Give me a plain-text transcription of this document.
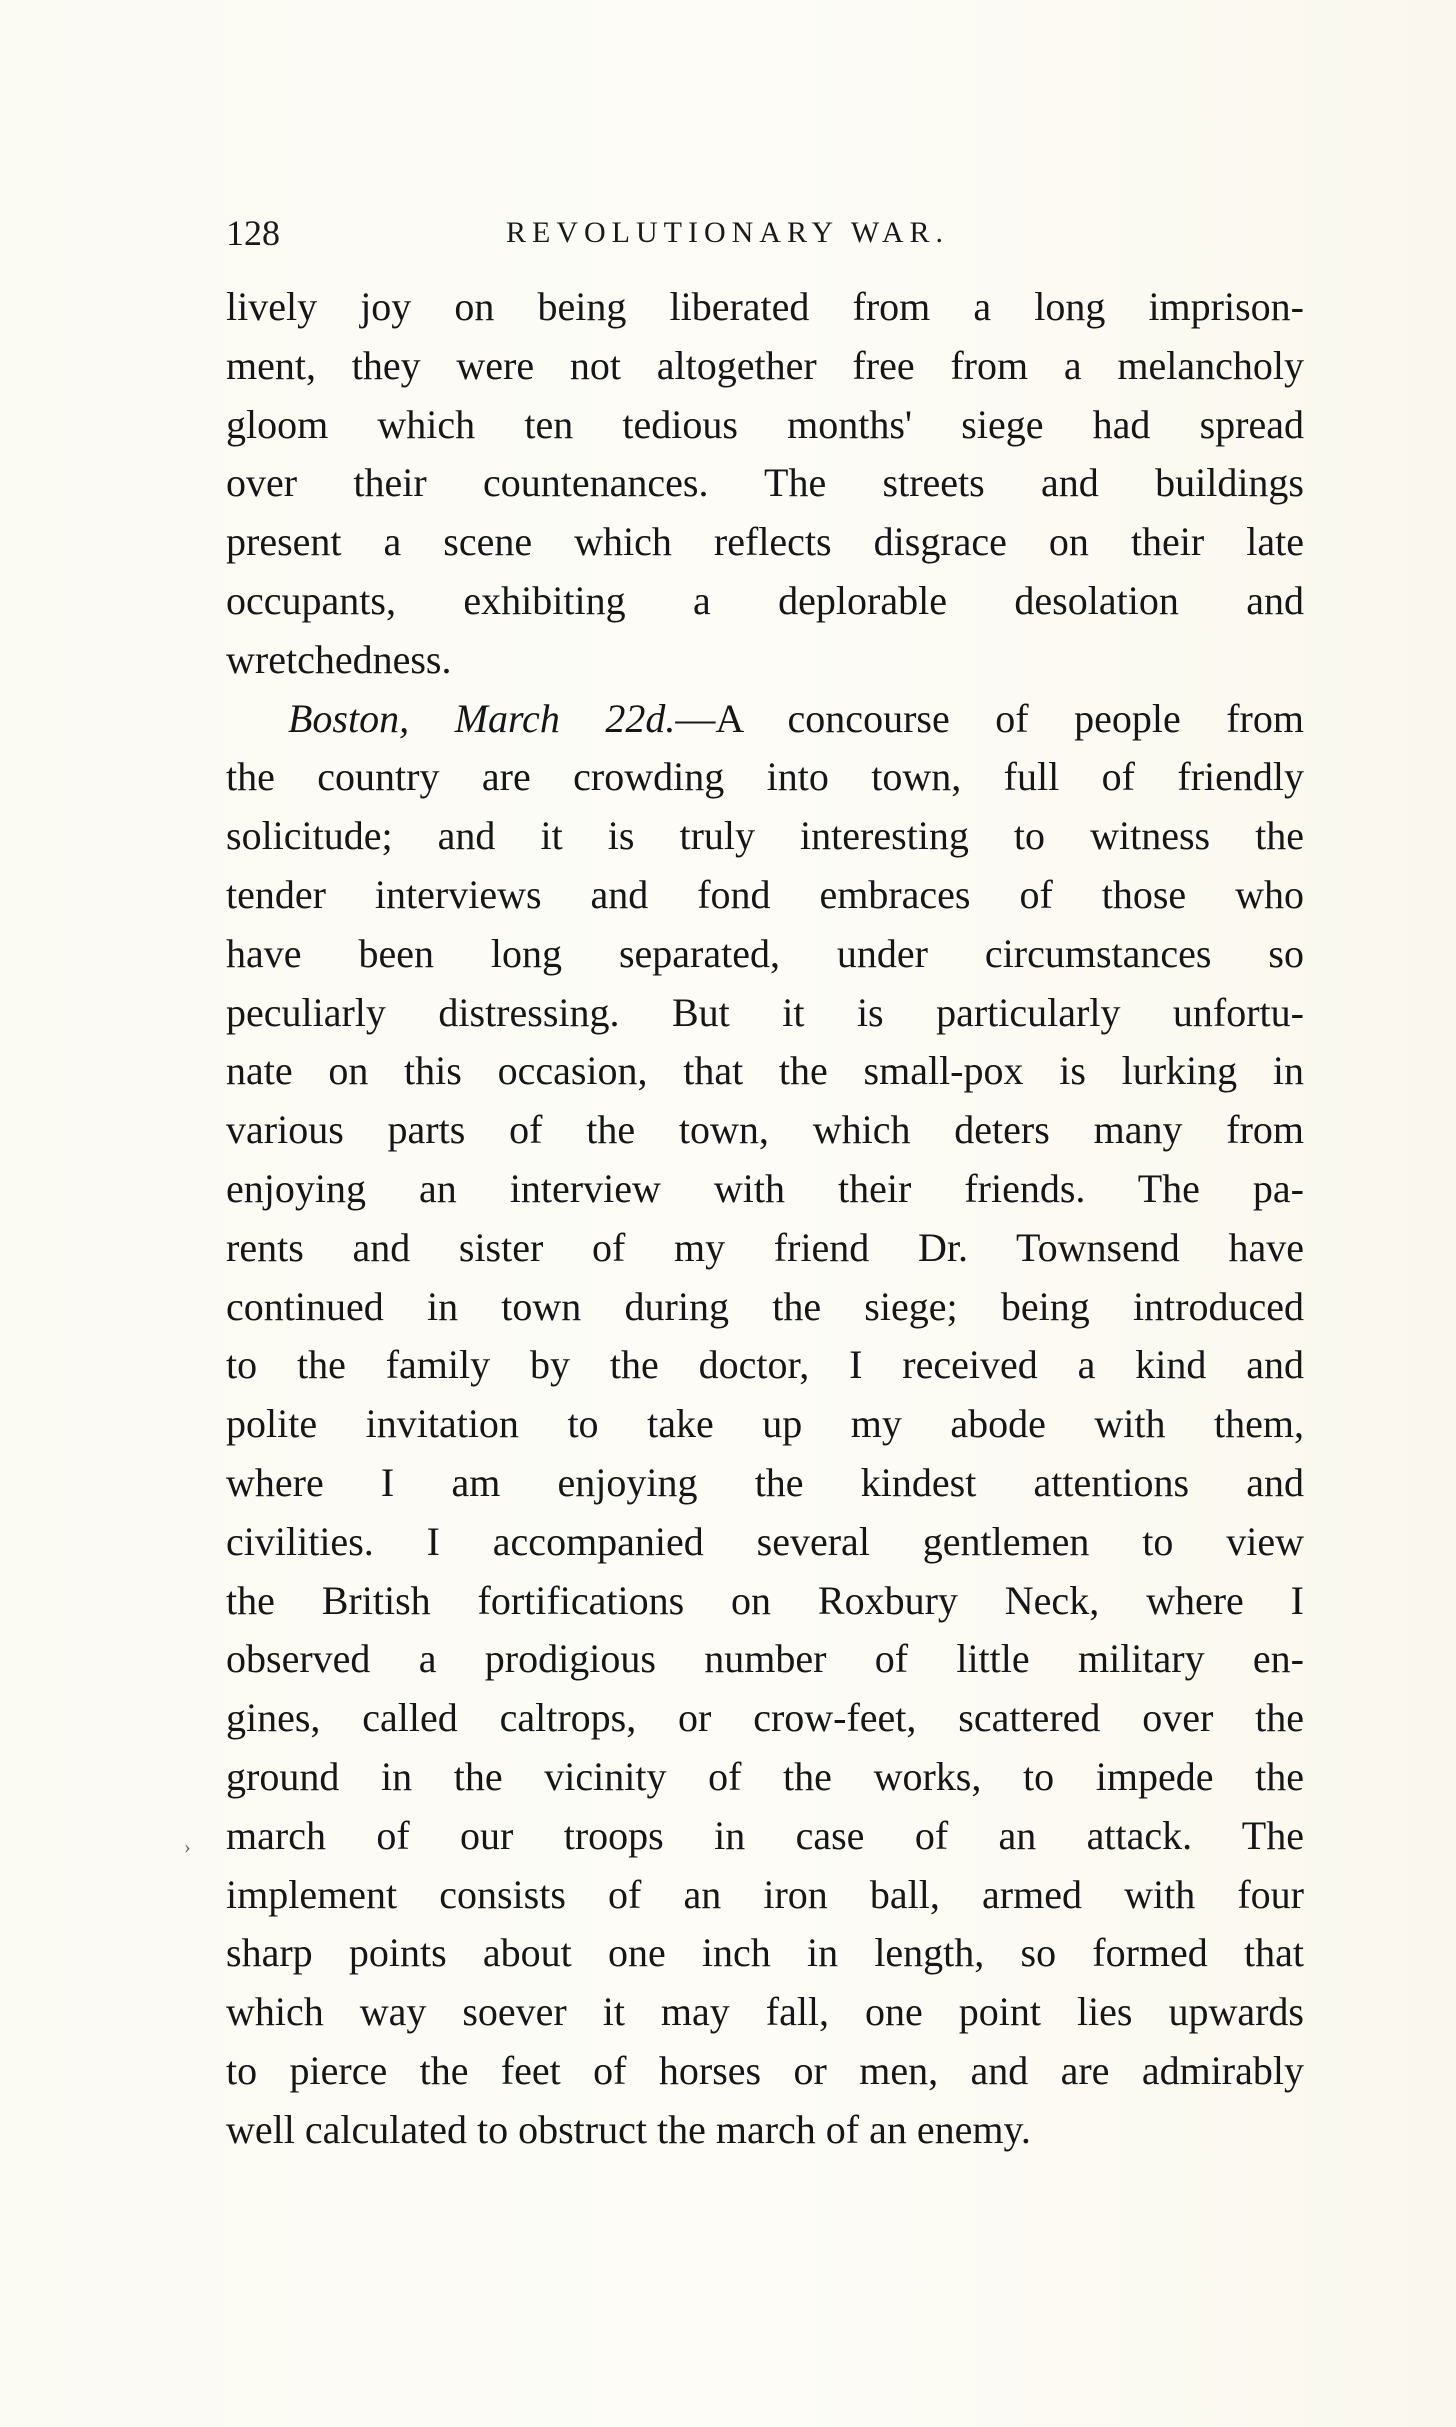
128	REVOLUTIONARY WAR.
›
lively joy on being liberated from a long imprison-
ment, they were not altogether free from a melancholy
gloom which ten tedious months' siege had spread
over their countenances. The streets and buildings
present a scene which reflects disgrace on their late
occupants, exhibiting a deplorable desolation and
wretchedness.
Boston, March 22d.—A concourse of people from
the country are crowding into town, full of friendly
solicitude; and it is truly interesting to witness the
tender interviews and fond embraces of those who
have been long separated, under circumstances so
peculiarly distressing. But it is particularly unfortu-
nate on this occasion, that the small-pox is lurking in
various parts of the town, which deters many from
enjoying an interview with their friends. The pa-
rents and sister of my friend Dr. Townsend have
continued in town during the siege; being introduced
to the family by the doctor, I received a kind and
polite invitation to take up my abode with them,
where I am enjoying the kindest attentions and
civilities. I accompanied several gentlemen to view
the British fortifications on Roxbury Neck, where I
observed a prodigious number of little military en-
gines, called caltrops, or crow-feet, scattered over the
ground in the vicinity of the works, to impede the
march of our troops in case of an attack. The
implement consists of an iron ball, armed with four
sharp points about one inch in length, so formed that
which way soever it may fall, one point lies upwards
to pierce the feet of horses or men, and are admirably
well calculated to obstruct the march of an enemy.
